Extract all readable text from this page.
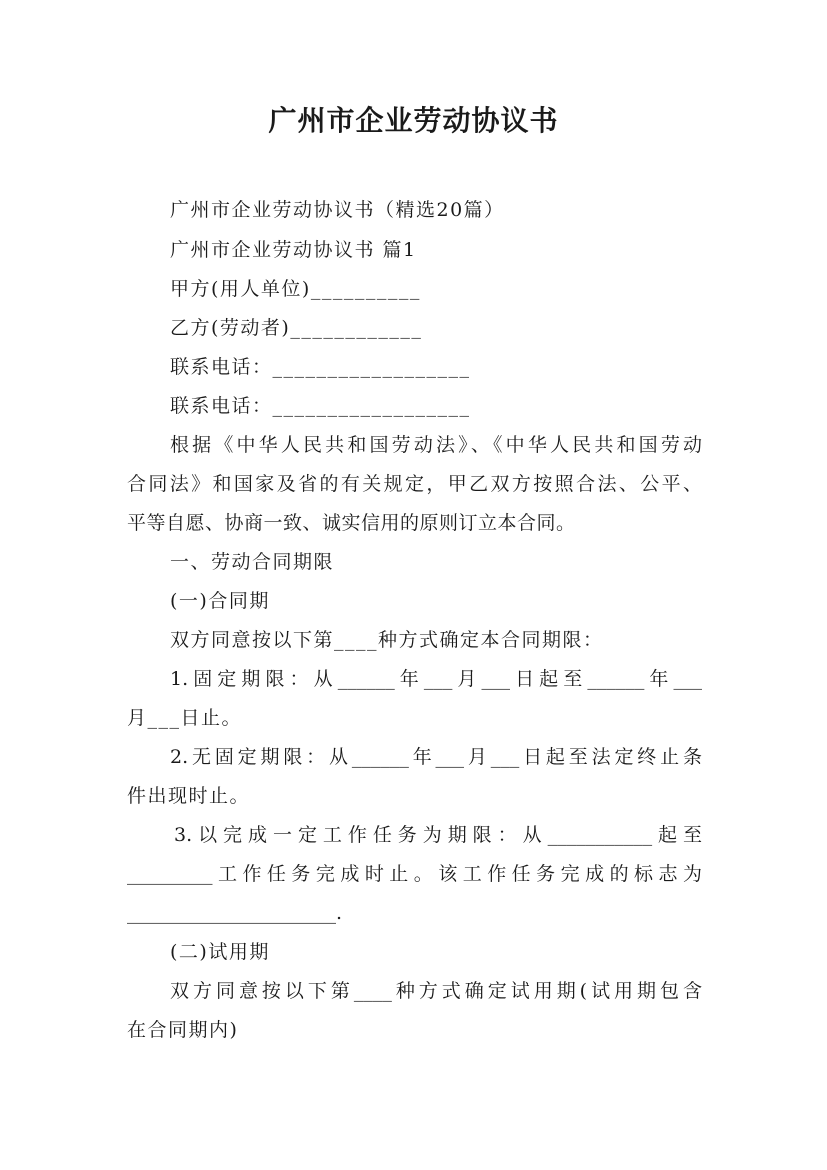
广州市企业劳动协议书
广州市企业劳动协议书（精选20篇）
广州市企业劳动协议书 篇1
甲方(用人单位)__________
乙方(劳动者)____________
联系电话：__________________
联系电话：__________________
根据《中华人民共和国劳动法》、《中华人民共和国劳动
合同法》和国家及省的有关规定，甲乙双方按照合法、公平、
平等自愿、协商一致、诚实信用的原则订立本合同。
一、劳动合同期限
(一)合同期
双方同意按以下第____种方式确定本合同期限：
1.固定期限：从______年___月___日起至______年___
月___日止。
2.无固定期限：从______年___月___日起至法定终止条
件出现时止。
3.以完成一定工作任务为期限：从___________起至
_________工作任务完成时止。该工作任务完成的标志为
______________________.
(二)试用期
双方同意按以下第____种方式确定试用期(试用期包含
在合同期内)
